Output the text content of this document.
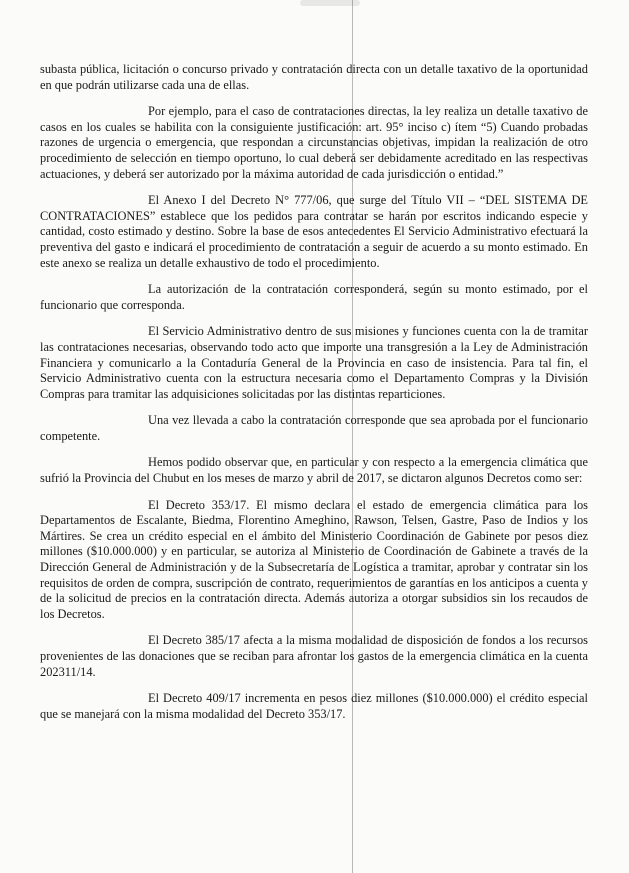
subasta pública, licitación o concurso privado y contratación directa con un detalle taxativo de la oportunidad en que podrán utilizarse cada una de ellas.

Por ejemplo, para el caso de contrataciones directas, la ley realiza un detalle taxativo de casos en los cuales se habilita con la consiguiente justificación: art. 95° inciso c) ítem “5) Cuando probadas razones de urgencia o emergencia, que respondan a circunstancias objetivas, impidan la realización de otro procedimiento de selección en tiempo oportuno, lo cual deberá ser debidamente acreditado en las respectivas actuaciones, y deberá ser autorizado por la máxima autoridad de cada jurisdicción o entidad.”

El Anexo I del Decreto N° 777/06, que surge del Título VII – “DEL SISTEMA DE CONTRATACIONES” establece que los pedidos para contratar se harán por escritos indicando especie y cantidad, costo estimado y destino. Sobre la base de esos antecedentes El Servicio Administrativo efectuará la preventiva del gasto e indicará el procedimiento de contratación a seguir de acuerdo a su monto estimado. En este anexo se realiza un detalle exhaustivo de todo el procedimiento.

La autorización de la contratación corresponderá, según su monto estimado, por el funcionario que corresponda.

El Servicio Administrativo dentro de sus misiones y funciones cuenta con la de tramitar las contrataciones necesarias, observando todo acto que importe una transgresión a la Ley de Administración Financiera y comunicarlo a la Contaduría General de la Provincia en caso de insistencia. Para tal fin, el Servicio Administrativo cuenta con la estructura necesaria como el Departamento Compras y la División Compras para tramitar las adquisiciones solicitadas por las distintas reparticiones.

Una vez llevada a cabo la contratación corresponde que sea aprobada por el funcionario competente.

Hemos podido observar que, en particular y con respecto a la emergencia climática que sufrió la Provincia del Chubut en los meses de marzo y abril de 2017, se dictaron algunos Decretos como ser:

El Decreto 353/17. El mismo declara el estado de emergencia climática para los Departamentos de Escalante, Biedma, Florentino Ameghino, Rawson, Telsen, Gastre, Paso de Indios y los Mártires. Se crea un crédito especial en el ámbito del Ministerio Coordinación de Gabinete por pesos diez millones ($10.000.000) y en particular, se autoriza al Ministerio de Coordinación de Gabinete a través de la Dirección General de Administración y de la Subsecretaría de Logística a tramitar, aprobar y contratar sin los requisitos de orden de compra, suscripción de contrato, requerimientos de garantías en los anticipos a cuenta y de la solicitud de precios en la contratación directa. Además autoriza a otorgar subsidios sin los recaudos de los Decretos.

El Decreto 385/17 afecta a la misma modalidad de disposición de fondos a los recursos provenientes de las donaciones que se reciban para afrontar los gastos de la emergencia climática en la cuenta 202311/14.

El Decreto 409/17 incrementa en pesos diez millones ($10.000.000) el crédito especial que se manejará con la misma modalidad del Decreto 353/17.
